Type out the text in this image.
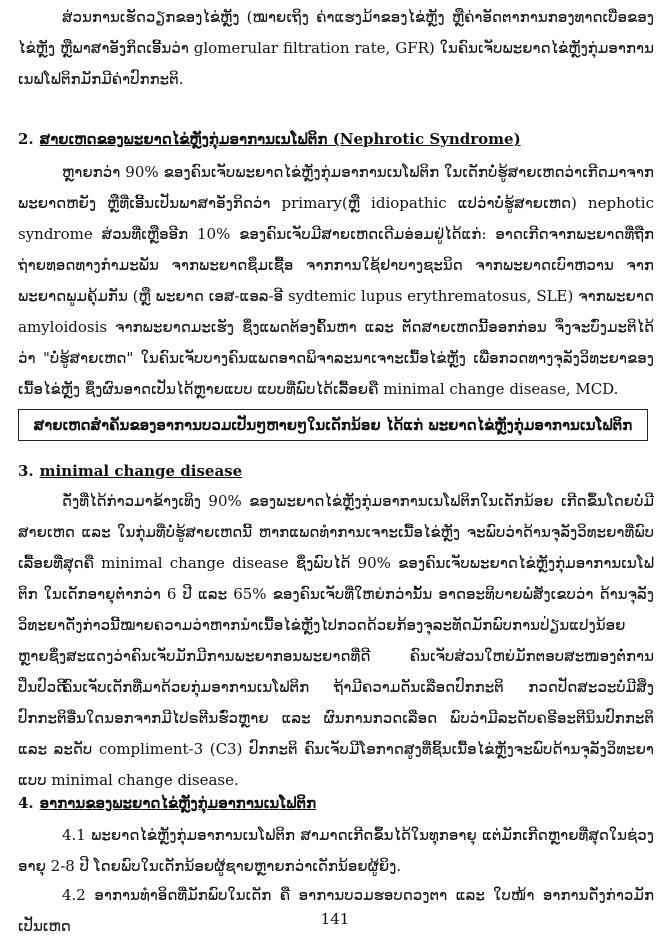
ສ່ວນການເຮັດວຽກຂອງໄຂ່ຫຼັງ (ໝາຍເຖິງ ຄ່າແຮງມ້າຂອງໄຂ່ຫຼັງ ຫຼືຄ່າອັດຕາການກອງທາດເບື່ອຂອງໄຂ່ຫຼັງ ຫຼືພາສາອັງກິດເອີ້ນວ່າ glomerular filtration rate, GFR) ໃນຄົນເຈັບພະຍາດໄຂ່ຫຼັງກຸ່ມອາການເນຟໂຟຕິກມັກມີຄ່າປົກກະຕິ.

2. ສາຍເຫດຂອງພະຍາດໄຂ່ຫຼັງກຸ່ມອາການເນໂຟຕິກ (Nephrotic Syndrome)

ຫຼາຍກວ່າ 90% ຂອງຄົນເຈັບພະຍາດໄຂ່ຫຼັງກຸ່ມອາການເນໂຟຕິກ ໃນເດັກບໍ່ຮູ້ສາຍເຫດວ່າເກີດມາຈາກພະຍາດຫຍັງ ຫຼືທີ່ເອີ້ນເປັນພາສາອັງກິດວ່າ primary(ຫຼື idiopathic ແປວ່າບໍ່ຮູ້ສາຍເຫດ) nephotic syndrome ສ່ວນທີ່ເຫຼືອອີກ 10% ຂອງຄົນເຈັບມີສາຍເຫດເດີມອ່ອມຢູ່ໄດ້ແກ່: ອາດເກີດຈາກພະຍາດທີ່ຖືກຖ່າຍທອດທາງກຳມະພັນ ຈາກພະຍາດຊຶມເຊື້ອ ຈາກການໃຊ້ຢາບາງຊະນິດ ຈາກພະຍາດເບົາຫວານ ຈາກພະຍາດພູມຄຸ້ມກັນ (ຫຼື ພະຍາດ ເອສ-ແອລ-ອີ sydtemic lupus erythrematosus, SLE) ຈາກພະຍາດ amyloidosis ຈາກພະຍາດມະເຮັງ ຊຶ່ງແພດຕ້ອງຄົ້ນຫາ ແລະ ຕັດສາຍເຫດນີ້ອອກກ່ອນ ຈຶ່ງຈະບົ່ງມະຕິໄດ້ວ່າ "ບໍ່ຮູ້ສາຍເຫດ" ໃນຄົນເຈັບບາງຄົນແພດອາດພິຈາລະນາເຈາະເນື້ອໄຂ່ຫຼັງ ເພື່ອກວດທາງຈຸລັງວິທະຍາຂອງເນື້ອໄຂ່ຫຼັງ ຊຶ່ງຜົນອາດເປັນໄດ້ຫຼາຍແບບ ແບບທີ່ພົບໄດ້ເລື້ອຍຄື minimal change disease, MCD.

ສາຍເຫດສຳຄັນຂອງອາການບວມເປັນໆຫາຍໆໃນເດັກນ້ອຍ ໄດ້ແກ່ ພະຍາດໄຂ່ຫຼັງກຸ່ມອາການເນໂຟຕິກ
3. minimal change disease

ດັ່ງທີ່ໄດ້ກ່າວມາຂ້າງເທິງ 90% ຂອງພະຍາດໄຂ່ຫຼັງກຸ່ມອາການເນໂຟຕິກໃນເດັກນ້ອຍ ເກີດຂຶ້ນໂດຍບໍ່ມີສາຍເຫດ ແລະ ໃນກຸ່ມທີ່ບໍ່ຮູ້ສາຍເຫດນີ້ ຫາກແພດທຳການເຈາະເນື້ອໄຂ່ຫຼັງ ຈະພົບວ່າດ້ານຈຸລັງວິທະຍາທີ່ພົບເລື້ອຍທີ່ສຸດຄື minimal change disease ຊຶ່ງພົບໄດ້ 90% ຂອງຄົນເຈັບພະຍາດໄຂ່ຫຼັງກຸ່ມອາການເນໂຟຕິກ ໃນເດັກອາຍຸຕໍ່າກວ່າ 6 ປີ ແລະ 65% ຂອງຄົນເຈັບທີ່ໃຫຍ່ກວ່ານັ້ນ ອາດອະທິບາຍພໍສັງເຂບວ່າ ດ້ານຈຸລັງວິທະຍາດັ່ງກ່າວນີ້ໝາຍຄວາມວ່າຫາກນຳເນື້ອໄຂ່ຫຼັງໄປກວດດ້ວຍກ້ອງຈຸລະທັດມັກພົບການປ່ຽນແປງນ້ອຍຫຼາຍຊຶ່ງສະແດງວ່າຄົນເຈັບມັກມີການພະຍາກອນພະຍາດທີ່ດີ ຄົນເຈັບສ່ວນໃຫຍ່ມັກຕອບສະໜອງຕໍ່ການປິ່ນປົວດີ.

ຄົນເຈັບເດັກທີ່ມາດ້ວຍກຸ່ມອາການເນໂຟຕິກ ຖ້າມີຄວາມດັນເລືອດປົກກະຕິ ກວດປັດສະວະບໍ່ມີສິ່ງປົກກະຕິອື່ນໃດນອກຈາກມີໄປຣຕີນຮົ່ວຫຼາຍ ແລະ ຜົນການກວດເລືອດ ພົບວ່າມີລະດັບຄຣີອະຕີນິນປົກກະຕິ ແລະ ລະດັບ compliment-3 (C3) ປົກກະຕິ ຄົນເຈັບມີໂອກາດສູງທີ່ຊິ້ນເນື້ອໄຂ່ຫຼັງຈະພົບດ້ານຈຸລັງວິທະຍາແບບ minimal change disease.

4. ອາການຂອງພະຍາດໄຂ່ຫຼັງກຸ່ມອາການເນໂຟຕິກ

4.1 ພະຍາດໄຂ່ຫຼັງກຸ່ມອາການເນໂຟຕິກ ສາມາດເກີດຂຶ້ນໄດ້ໃນທຸກອາຍຸ ແຕ່ມັກເກີດຫຼາຍທີ່ສຸດໃນຊ່ວງອາຍຸ 2-8 ປີ ໂດຍພົບໃນເດັກນ້ອຍຜູ້ຊາຍຫຼາຍກວ່າເດັກນ້ອຍຜູ້ຍິງ.

4.2 ອາການທຳອິດທີ່ມັກພົບໃນເດັກ ຄື ອາການບວມຮອບດວງຕາ ແລະ ໃບໜ້າ ອາການດັ່ງກ່າວມັກເປັນເຫດ	141
